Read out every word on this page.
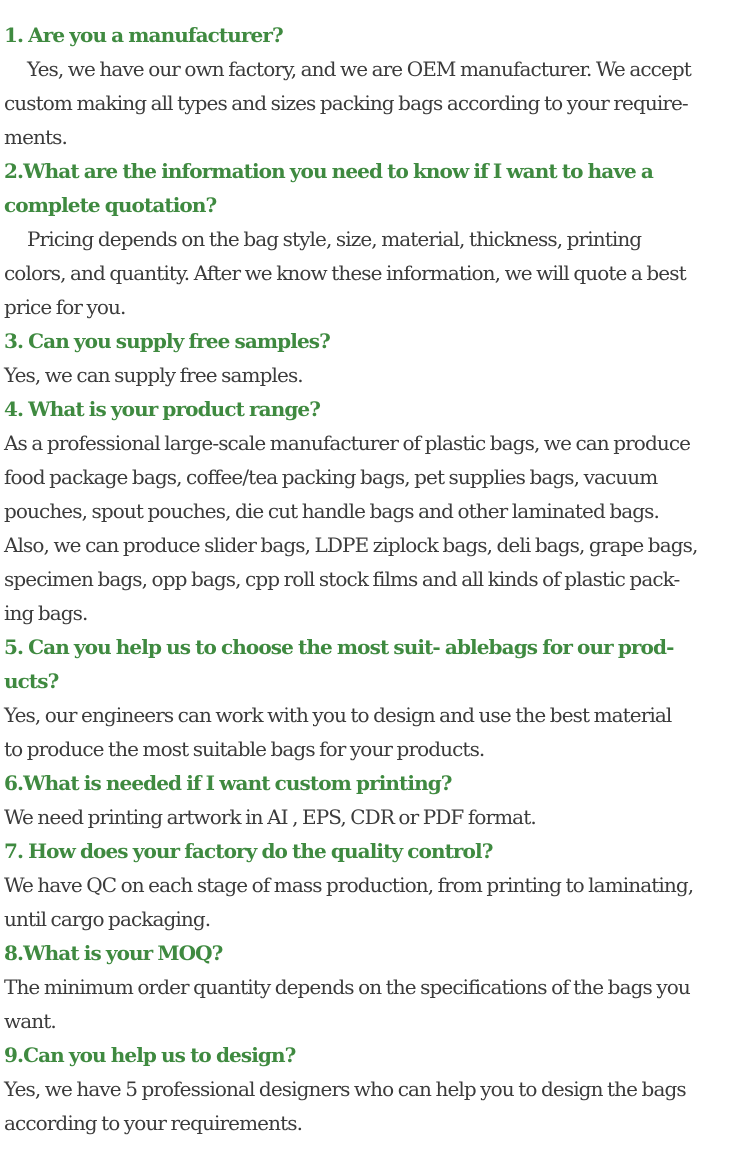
1. Are you a manufacturer?
Yes, we have our own factory, and we are OEM manufacturer. We accept
custom making all types and sizes packing bags according to your require-
ments.
2.What are the information you need to know if I want to have a
complete quotation?
Pricing depends on the bag style, size, material, thickness, printing
colors, and quantity. After we know these information, we will quote a best
price for you.
3. Can you supply free samples?
Yes, we can supply free samples.
4. What is your product range?
As a professional large-scale manufacturer of plastic bags, we can produce
food package bags, coffee/tea packing bags, pet supplies bags, vacuum
pouches, spout pouches, die cut handle bags and other laminated bags.
Also, we can produce slider bags, LDPE ziplock bags, deli bags, grape bags,
specimen bags, opp bags, cpp roll stock films and all kinds of plastic pack-
ing bags.
5. Can you help us to choose the most suit- ablebags for our prod-
ucts?
Yes, our engineers can work with you to design and use the best material
to produce the most suitable bags for your products.
6.What is needed if I want custom printing?
We need printing artwork in AI , EPS, CDR or PDF format.
7. How does your factory do the quality control?
We have QC on each stage of mass production, from printing to laminating,
until cargo packaging.
8.What is your MOQ?
The minimum order quantity depends on the specifications of the bags you
want.
9.Can you help us to design?
Yes, we have 5 professional designers who can help you to design the bags
according to your requirements.
